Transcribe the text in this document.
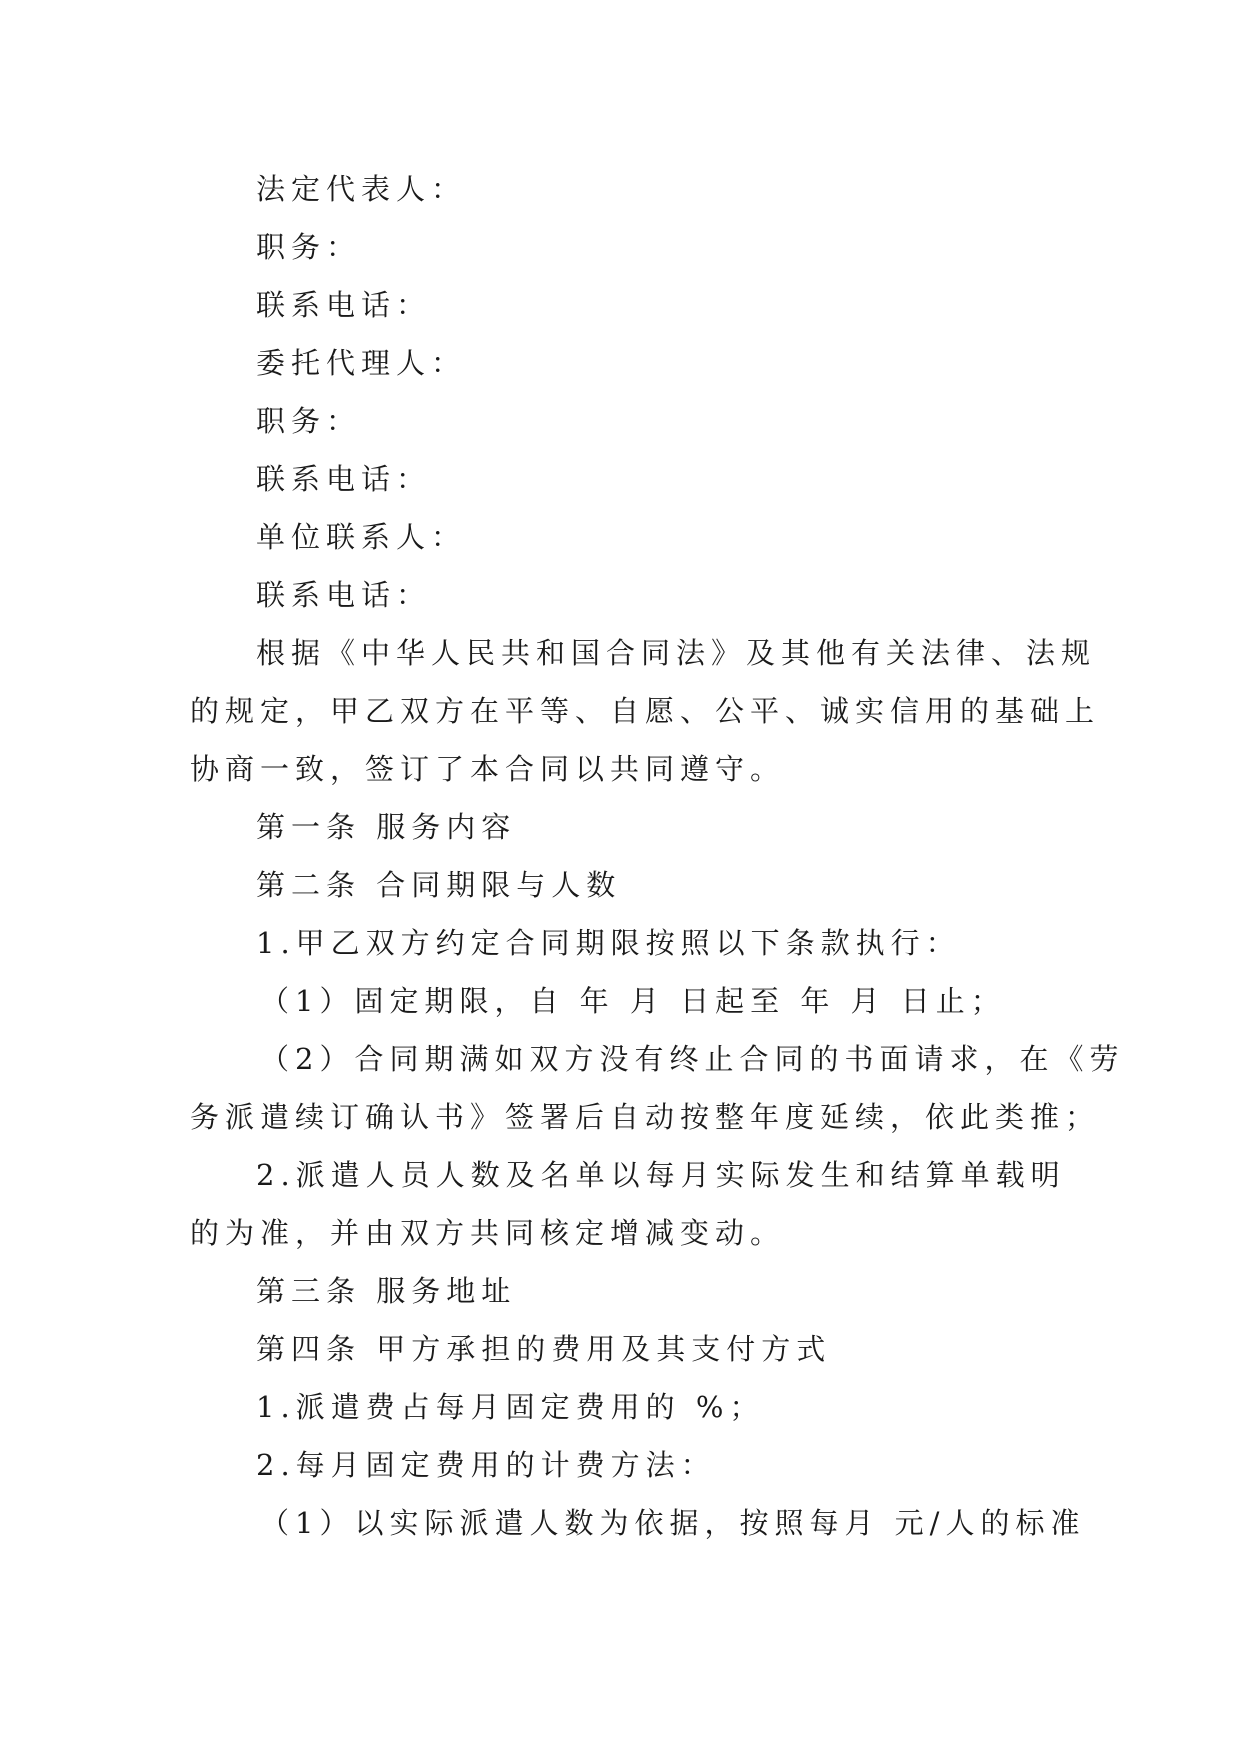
法定代表人：

职务：

联系电话：

委托代理人：

职务：

联系电话：

单位联系人：

联系电话：

根据《中华人民共和国合同法》及其他有关法律、法规

的规定，甲乙双方在平等、自愿、公平、诚实信用的基础上

协商一致，签订了本合同以共同遵守。

第一条 服务内容

第二条 合同期限与人数

1.甲乙双方约定合同期限按照以下条款执行：

（1）固定期限，自 年 月 日起至 年 月 日止；

（2）合同期满如双方没有终止合同的书面请求，在《劳

务派遣续订确认书》签署后自动按整年度延续，依此类推；

2.派遣人员人数及名单以每月实际发生和结算单载明

的为准，并由双方共同核定增减变动。

第三条 服务地址

第四条 甲方承担的费用及其支付方式

1.派遣费占每月固定费用的 %；

2.每月固定费用的计费方法：

（1）以实际派遣人数为依据，按照每月 元/人的标准
